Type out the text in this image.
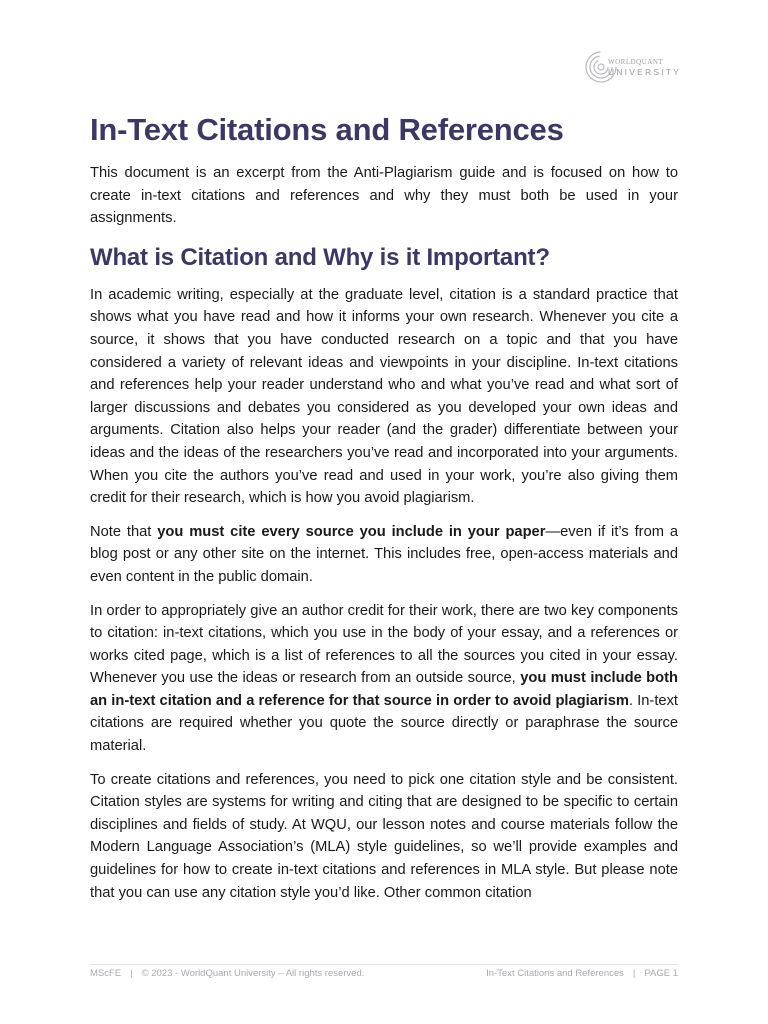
WORLDQUANT
UNIVERSITY
In-Text Citations and References

This document is an excerpt from the Anti-Plagiarism guide and is focused on how to create in-text citations and references and why they must both be used in your assignments.

What is Citation and Why is it Important?

In academic writing, especially at the graduate level, citation is a standard practice that shows what you have read and how it informs your own research. Whenever you cite a source, it shows that you have conducted research on a topic and that you have considered a variety of relevant ideas and viewpoints in your discipline. In-text citations and references help your reader understand who and what you’ve read and what sort of larger discussions and debates you considered as you developed your own ideas and arguments. Citation also helps your reader (and the grader) differentiate between your ideas and the ideas of the researchers you’ve read and incorporated into your arguments. When you cite the authors you’ve read and used in your work, you’re also giving them credit for their research, which is how you avoid plagiarism.

Note that you must cite every source you include in your paper—even if it’s from a blog post or any other site on the internet. This includes free, open-access materials and even content in the public domain.

In order to appropriately give an author credit for their work, there are two key components to citation: in-text citations, which you use in the body of your essay, and a references or works cited page, which is a list of references to all the sources you cited in your essay. Whenever you use the ideas or research from an outside source, you must include both an in-text citation and a reference for that source in order to avoid plagiarism. In-text citations are required whether you quote the source directly or paraphrase the source material.

To create citations and references, you need to pick one citation style and be consistent. Citation styles are systems for writing and citing that are designed to be specific to certain disciplines and fields of study. At WQU, our lesson notes and course materials follow the Modern Language Association’s (MLA) style guidelines, so we’ll provide examples and guidelines for how to create in-text citations and references in MLA style. But please note that you can use any citation style you’d like. Other common citation

MScFE | © 2023 - WorldQuant University – All rights reserved.	In-Text Citations and References | PAGE 1
